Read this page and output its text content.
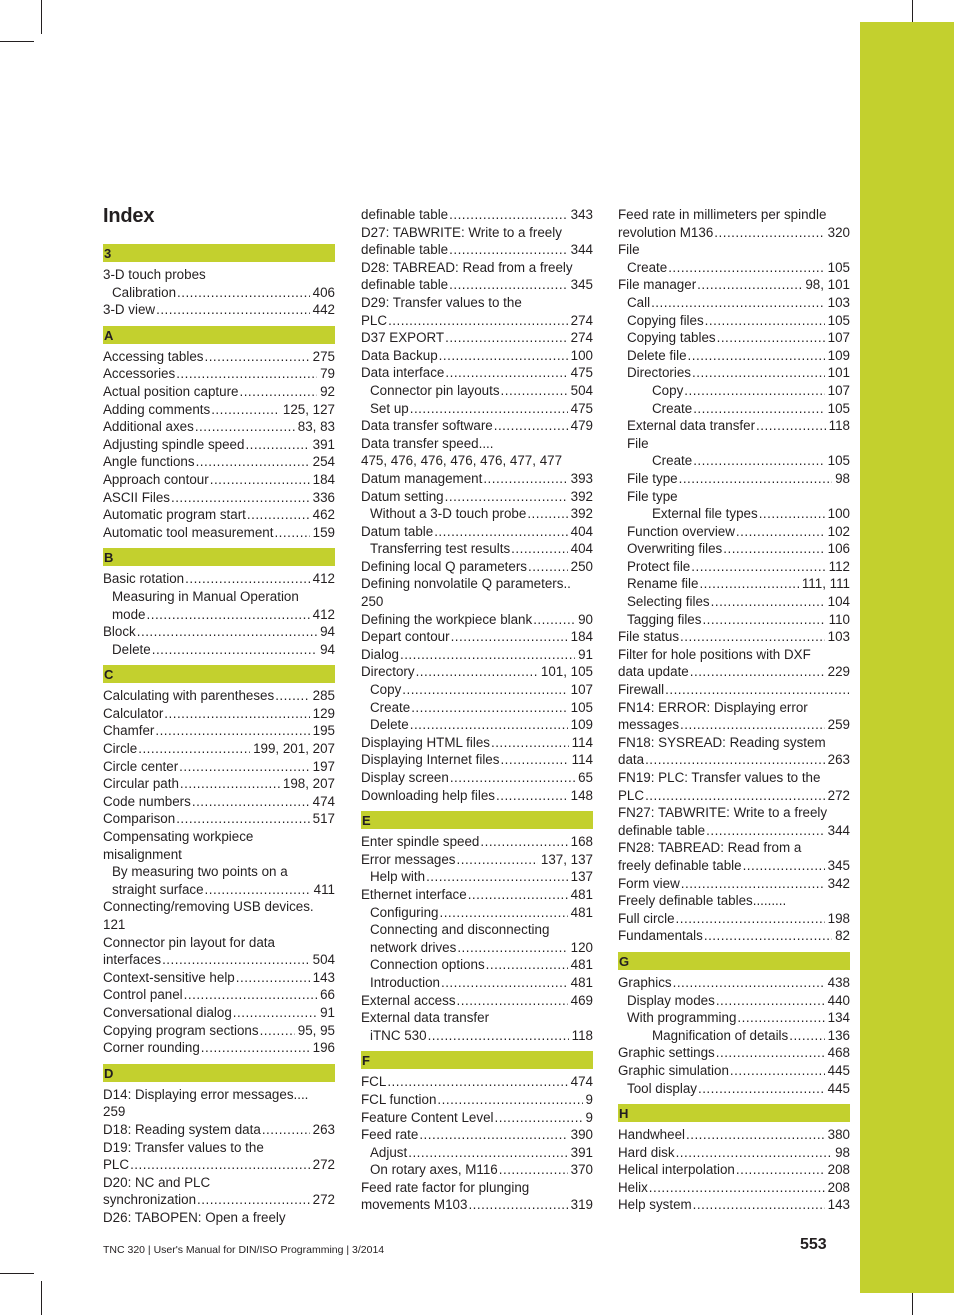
Index
3
3-D touch probes
Calibration .....	406
3-D view .....	442
A
Accessing tables .....	275
Accessories .....	79
Actual position capture .....	92
Adding comments .....	125, 127
Additional axes .....	83, 83
Adjusting spindle speed .....	391
Angle functions .....	254
Approach contour .....	184
ASCII Files .....	336
Automatic program start .....	462
Automatic tool measurement .....	159
B
Basic rotation .....	412
Measuring in Manual Operation
mode .....	412
Block .....	94
Delete .....	94
C
Calculating with parentheses .....	285
Calculator .....	129
Chamfer .....	195
Circle .....	199, 201, 207
Circle center .....	197
Circular path .....	198, 207
Code numbers .....	474
Comparison .....	517
Compensating workpiece
misalignment
By measuring two points on a
straight surface .....	411
Connecting/removing USB devices.
121
Connector pin layout for data
interfaces .....	504
Context-sensitive help .....	143
Control panel .....	66
Conversational dialog .....	91
Copying program sections .....	95, 95
Corner rounding .....	196
D
D14: Displaying error messages....
259
D18: Reading system data .....	263
D19: Transfer values to the
PLC .....	272
D20: NC and PLC
synchronization .....	272
D26: TABOPEN: Open a freely
definable table .....	343
D27: TABWRITE: Write to a freely
definable table .....	344
D28: TABREAD: Read from a freely
definable table .....	345
D29: Transfer values to the
PLC .....	274
D37 EXPORT .....	274
Data Backup .....	100
Data interface .....	475
Connector pin layouts .....	504
Set up .....	475
Data transfer software .....	479
Data transfer speed....
475, 476, 476, 476, 476, 477, 477
Datum management .....	393
Datum setting .....	392
Without a 3-D touch probe .....	392
Datum table .....	404
Transferring test results .....	404
Defining local Q parameters .....	250
Defining nonvolatile Q parameters..
250
Defining the workpiece blank .....	90
Depart contour .....	184
Dialog .....	91
Directory .....	101, 105
Copy .....	107
Create .....	105
Delete .....	109
Displaying HTML files .....	114
Displaying Internet files .....	114
Display screen .....	65
Downloading help files .....	148
E
Enter spindle speed .....	168
Error messages .....	137, 137
Help with .....	137
Ethernet interface .....	481
Configuring .....	481
Connecting and disconnecting
network drives .....	120
Connection options .....	481
Introduction .....	481
External access .....	469
External data transfer
iTNC 530 .....	118
F
FCL .....	474
FCL function .....	9
Feature Content Level .....	9
Feed rate .....	390
Adjust .....	391
On rotary axes, M116 .....	370
Feed rate factor for plunging
movements M103 .....	319
Feed rate in millimeters per spindle
revolution M136 .....	320
File
Create .....	105
File manager .....	98, 101
Call .....	103
Copying files .....	105
Copying tables .....	107
Delete file .....	109
Directories .....	101
Copy .....	107
Create .....	105
External data transfer .....	118
File
Create .....	105
File type .....	98
File type
External file types .....	100
Function overview .....	102
Overwriting files .....	106
Protect file .....	112
Rename file .....	111, 111
Selecting files .....	104
Tagging files .....	110
File status .....	103
Filter for hole positions with DXF
data update .....	229
Firewall
.....
FN14: ERROR: Displaying error
messages .....	259
FN18: SYSREAD: Reading system
data .....	263
FN19: PLC: Transfer values to the
PLC .....	272
FN27: TABWRITE: Write to a freely
definable table .....	344
FN28: TABREAD: Read from a
freely definable table .....	345
Form view .....	342
Freely definable tables.........
Full circle .....	198
Fundamentals .....	82
G
Graphics .....	438
Display modes .....	440
With programming .....	134
Magnification of details .....	136
Graphic settings .....	468
Graphic simulation .....	445
Tool display .....	445
H
Handwheel .....	380
Hard disk .....	98
Helical interpolation .....	208
Helix .....	208
Help system .....	143
TNC 320 | User's Manual for DIN/ISO Programming | 3/2014	553
